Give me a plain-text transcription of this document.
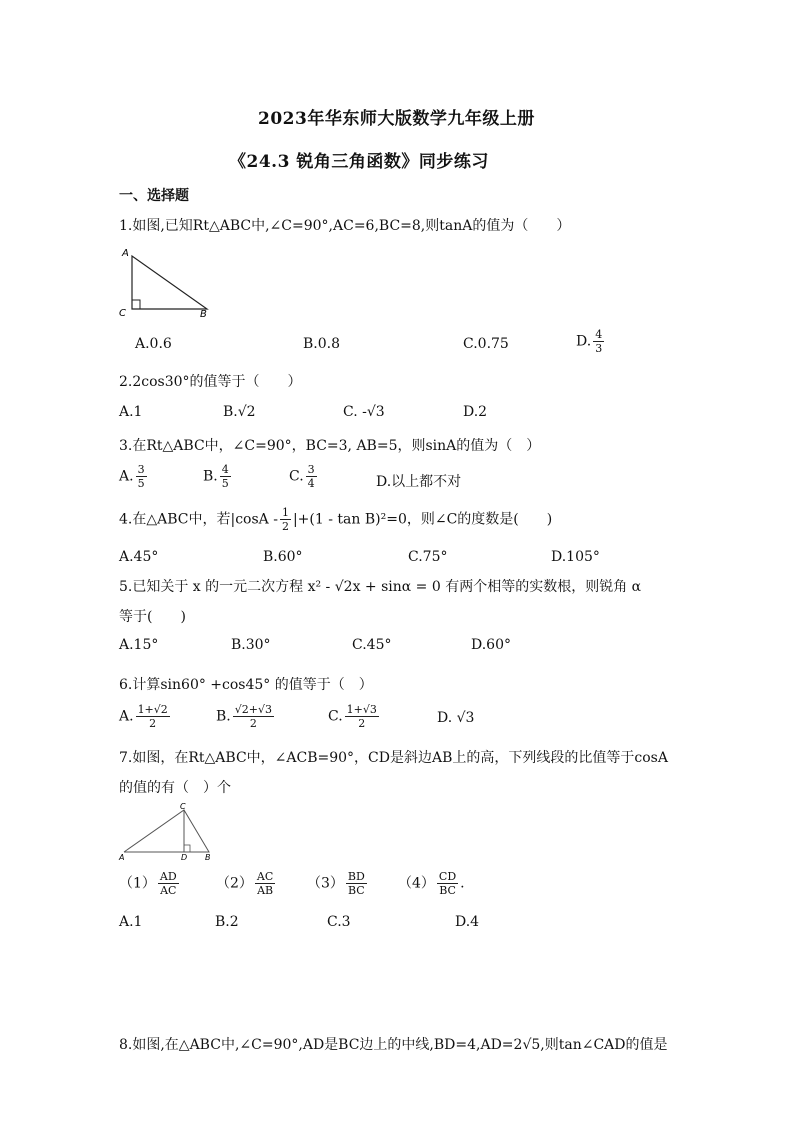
2023年华东师大版数学九年级上册
《24.3 锐角三角函数》同步练习
一、选择题
1.如图,已知Rt△ABC中,∠C=90°,AC=6,BC=8,则tanA的值为（　　）
A
C	B
A.0.6	B.0.8	C.0.75	D. $\frac{4}{3}$
2.2cos30°的值等于（　　）
A.1	B.√2	C. -√3	D.2
3.在Rt△ABC中，∠C=90°，BC=3, AB=5，则sinA的值为（　）
A. $\frac{3}{5}$	B. $\frac{4}{5}$	C. $\frac{3}{4}$	D.以上都不对
4.在△ABC中，若$|\cos A - \frac{1}{2} |+(1 - \tan B)^2=0$，则∠C的度数是(　　)
A.45°	B.60°	C.75°	D.105°
5.已知关于 x 的一元二次方程 x² - √2x + sinα = 0 有两个相等的实数根，则锐角 α
等于(　　)
A.15°	B.30°	C.45°	D.60°
6.计算sin60° +cos45° 的值等于（　）
A. $\frac{1+√2}{2}$	B. $\frac{√2+√3}{2}$	C. $\frac{1+√3}{2}$	D. √3
7.如图，在Rt△ABC中，∠ACB=90°，CD是斜边AB上的高，下列线段的比值等于cosA
的值的有（　）个
C
A	D B
$(1) \frac{AD}{AC}$	$(2) \frac{AC}{AB} (3) \frac{BD}{BC} (4) \frac{CD}{BC}$ .
A.1	B.2	C.3	D.4
8.如图,在△ABC中,∠C=90°,AD是BC边上的中线,BD=4,AD=2√5,则tan∠CAD的值是
